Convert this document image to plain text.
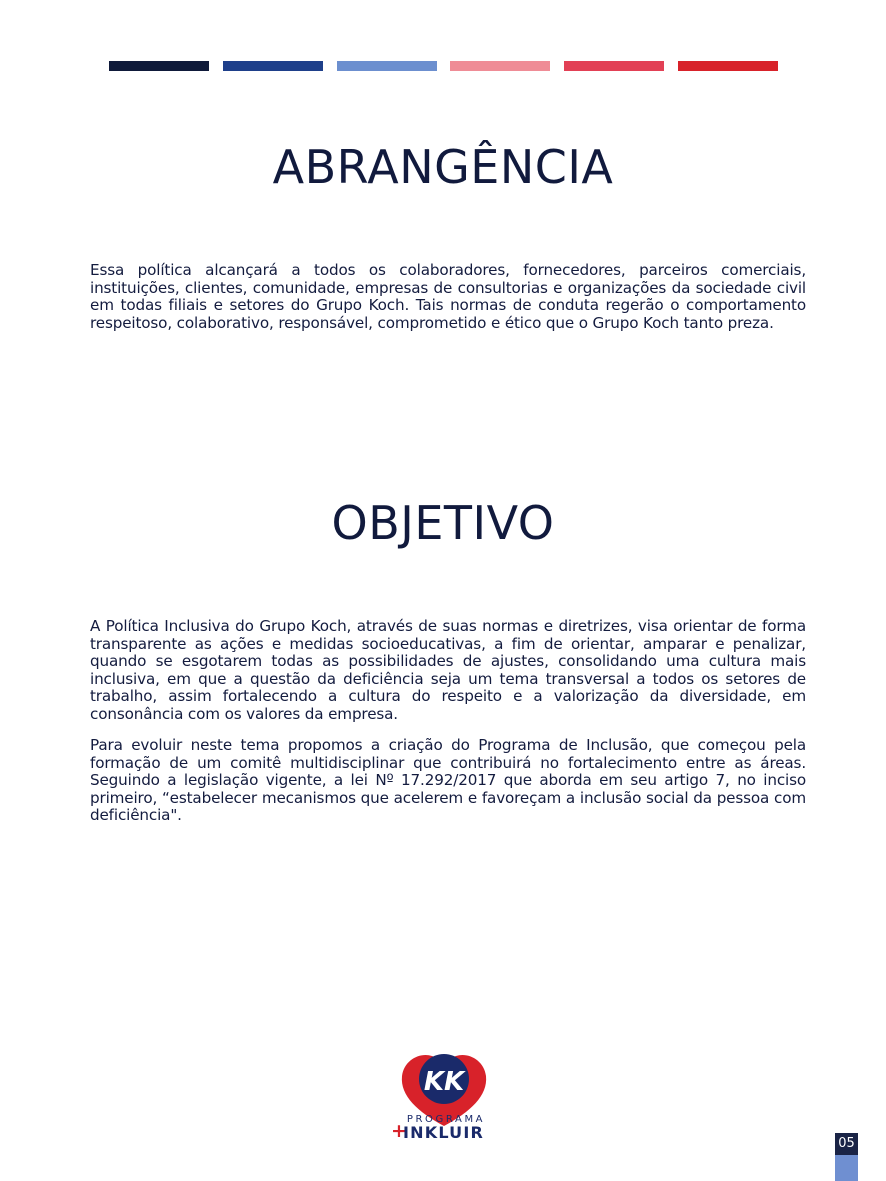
ABRANGÊNCIA

Essa política alcançará a todos os colaboradores, fornecedores, parceiros comerciais, instituições, clientes, comunidade, empresas de consultorias e organizações da sociedade civil em todas filiais e setores do Grupo Koch. Tais normas de conduta regerão o comportamento respeitoso, colaborativo, responsável, comprometido e ético que o Grupo Koch tanto preza.

OBJETIVO

A Política Inclusiva do Grupo Koch, através de suas normas e diretrizes, visa orientar de forma transparente as ações e medidas socioeducativas, a fim de orientar, amparar e penalizar, quando se esgotarem todas as possibilidades de ajustes, consolidando uma cultura mais inclusiva, em que a questão da deficiência seja um tema transversal a todos os setores de trabalho, assim fortalecendo a cultura do respeito e a valorização da diversidade, em consonância com os valores da empresa.

Para evoluir neste tema propomos a criação do Programa de Inclusão, que começou pela formação de um comitê multidisciplinar que contribuirá no fortalecimento entre as áreas. Seguindo a legislação vigente, a lei Nº 17.292/2017 que aborda em seu artigo 7, no inciso primeiro, “estabelecer mecanismos que acelerem e favoreçam a inclusão social da pessoa com deficiência".

KK
PROGRAMA
+
INKLUIR
05
